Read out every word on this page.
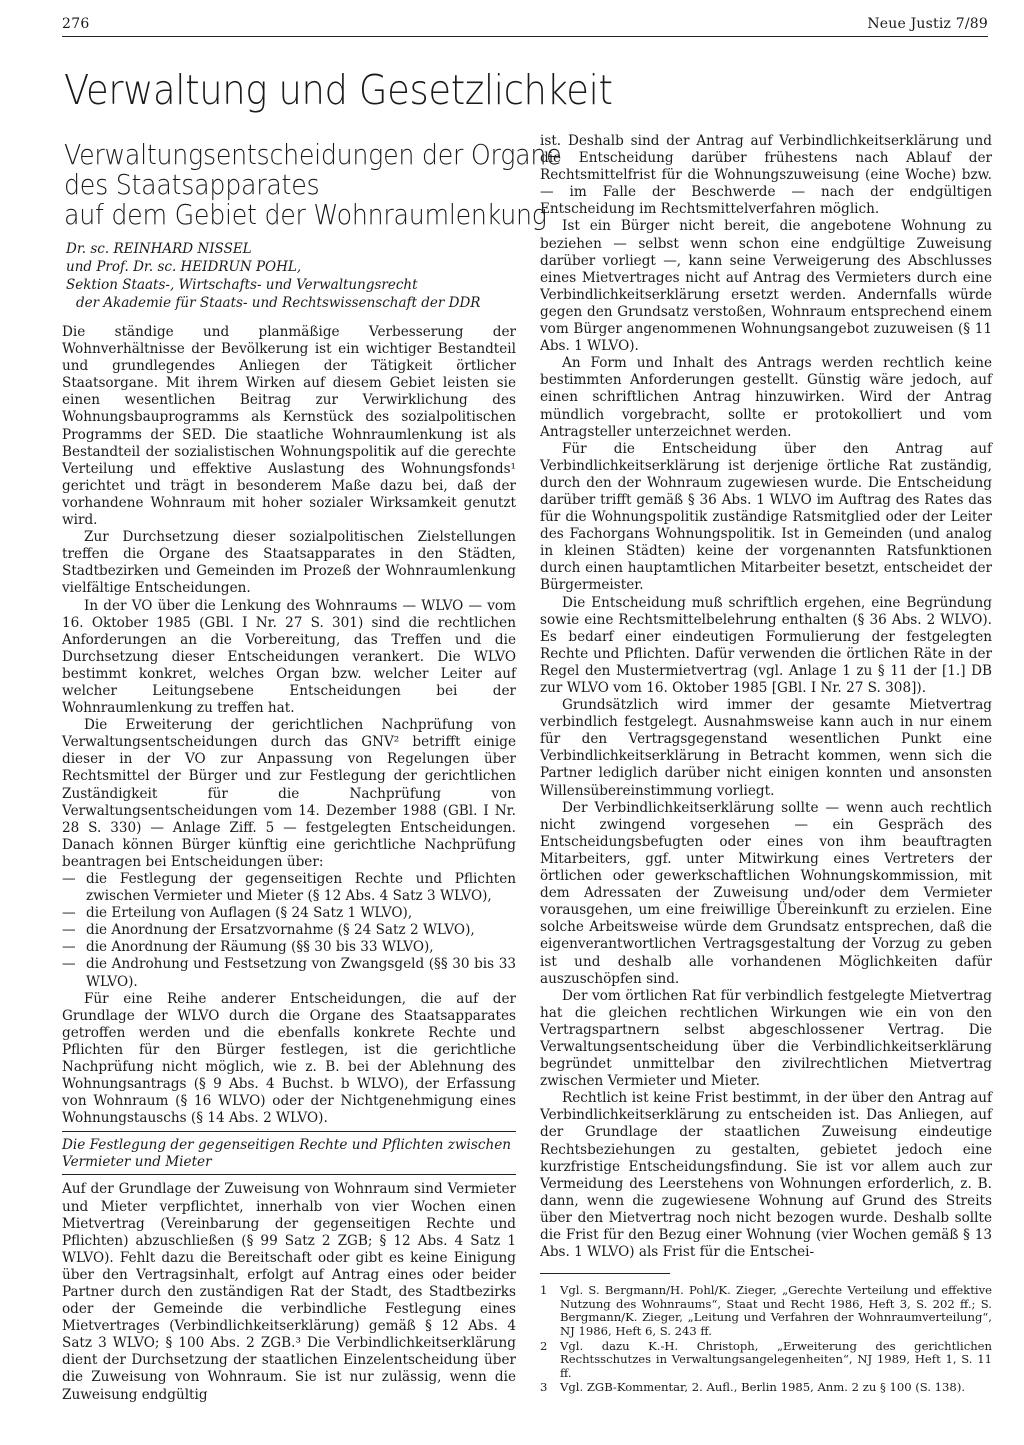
276	Neue Justiz 7/89
Verwaltung und Gesetzlichkeit
Verwaltungsentscheidungen der Organe
des Staatsapparates
auf dem Gebiet der Wohnraumlenkung
Dr. sc. REINHARD NISSEL
und Prof. Dr. sc. HEIDRUN POHL,
Sektion Staats-, Wirtschafts- und Verwaltungsrecht
der Akademie für Staats- und Rechtswissenschaft der DDR

Die ständige und planmäßige Verbesserung der Wohnverhältnisse der Bevölkerung ist ein wichtiger Bestandteil und grundlegendes Anliegen der Tätigkeit örtlicher Staatsorgane. Mit ihrem Wirken auf diesem Gebiet leisten sie einen wesentlichen Beitrag zur Verwirklichung des Wohnungsbauprogramms als Kernstück des sozialpolitischen Programms der SED. Die staatliche Wohnraumlenkung ist als Bestandteil der sozialistischen Wohnungspolitik auf die gerechte Verteilung und effektive Auslastung des Wohnungsfonds¹ gerichtet und trägt in besonderem Maße dazu bei, daß der vorhandene Wohnraum mit hoher sozialer Wirksamkeit genutzt wird.

Zur Durchsetzung dieser sozialpolitischen Zielstellungen treffen die Organe des Staatsapparates in den Städten, Stadtbezirken und Gemeinden im Prozeß der Wohnraumlenkung vielfältige Entscheidungen.

In der VO über die Lenkung des Wohnraums — WLVO — vom 16. Oktober 1985 (GBl. I Nr. 27 S. 301) sind die rechtlichen Anforderungen an die Vorbereitung, das Treffen und die Durchsetzung dieser Entscheidungen verankert. Die WLVO bestimmt konkret, welches Organ bzw. welcher Leiter auf welcher Leitungsebene Entscheidungen bei der Wohnraumlenkung zu treffen hat.

Die Erweiterung der gerichtlichen Nachprüfung von Verwaltungsentscheidungen durch das GNV² betrifft einige dieser in der VO zur Anpassung von Regelungen über Rechtsmittel der Bürger und zur Festlegung der gerichtlichen Zuständigkeit für die Nachprüfung von Verwaltungsentscheidungen vom 14. Dezember 1988 (GBl. I Nr. 28 S. 330) — Anlage Ziff. 5 — festgelegten Entscheidungen. Danach können Bürger künftig eine gerichtliche Nachprüfung beantragen bei Entscheidungen über:

— die Festlegung der gegenseitigen Rechte und Pflichten zwischen Vermieter und Mieter (§ 12 Abs. 4 Satz 3 WLVO),
— die Erteilung von Auflagen (§ 24 Satz 1 WLVO),
— die Anordnung der Ersatzvornahme (§ 24 Satz 2 WLVO),
— die Anordnung der Räumung (§§ 30 bis 33 WLVO),
— die Androhung und Festsetzung von Zwangsgeld (§§ 30 bis 33 WLVO).

Für eine Reihe anderer Entscheidungen, die auf der Grundlage der WLVO durch die Organe des Staatsapparates getroffen werden und die ebenfalls konkrete Rechte und Pflichten für den Bürger festlegen, ist die gerichtliche Nachprüfung nicht möglich, wie z. B. bei der Ablehnung des Wohnungsantrags (§ 9 Abs. 4 Buchst. b WLVO), der Erfassung von Wohnraum (§ 16 WLVO) oder der Nichtgenehmigung eines Wohnungstauschs (§ 14 Abs. 2 WLVO).

Die Festlegung der gegenseitigen Rechte und Pflichten zwischen Vermieter und Mieter

Auf der Grundlage der Zuweisung von Wohnraum sind Vermieter und Mieter verpflichtet, innerhalb von vier Wochen einen Mietvertrag (Vereinbarung der gegenseitigen Rechte und Pflichten) abzuschließen (§ 99 Satz 2 ZGB; § 12 Abs. 4 Satz 1 WLVO). Fehlt dazu die Bereitschaft oder gibt es keine Einigung über den Vertragsinhalt, erfolgt auf Antrag eines oder beider Partner durch den zuständigen Rat der Stadt, des Stadtbezirks oder der Gemeinde die verbindliche Festlegung eines Mietvertrages (Verbindlichkeitserklärung) gemäß § 12 Abs. 4 Satz 3 WLVO; § 100 Abs. 2 ZGB.³ Die Verbindlichkeitserklärung dient der Durchsetzung der staatlichen Einzelentscheidung über die Zuweisung von Wohnraum. Sie ist nur zulässig, wenn die Zuweisung endgültig

ist. Deshalb sind der Antrag auf Verbindlichkeitserklärung und die Entscheidung darüber frühestens nach Ablauf der Rechtsmittelfrist für die Wohnungszuweisung (eine Woche) bzw. — im Falle der Beschwerde — nach der endgültigen Entscheidung im Rechtsmittelverfahren möglich.

Ist ein Bürger nicht bereit, die angebotene Wohnung zu beziehen — selbst wenn schon eine endgültige Zuweisung darüber vorliegt —, kann seine Verweigerung des Abschlusses eines Mietvertrages nicht auf Antrag des Vermieters durch eine Verbindlichkeitserklärung ersetzt werden. Andernfalls würde gegen den Grundsatz verstoßen, Wohnraum entsprechend einem vom Bürger angenommenen Wohnungsangebot zuzuweisen (§ 11 Abs. 1 WLVO).

An Form und Inhalt des Antrags werden rechtlich keine bestimmten Anforderungen gestellt. Günstig wäre jedoch, auf einen schriftlichen Antrag hinzuwirken. Wird der Antrag mündlich vorgebracht, sollte er protokolliert und vom Antragsteller unterzeichnet werden.

Für die Entscheidung über den Antrag auf Verbindlichkeitserklärung ist derjenige örtliche Rat zuständig, durch den der Wohnraum zugewiesen wurde. Die Entscheidung darüber trifft gemäß § 36 Abs. 1 WLVO im Auftrag des Rates das für die Wohnungspolitik zuständige Ratsmitglied oder der Leiter des Fachorgans Wohnungspolitik. Ist in Gemeinden (und analog in kleinen Städten) keine der vorgenannten Ratsfunktionen durch einen hauptamtlichen Mitarbeiter besetzt, entscheidet der Bürgermeister.

Die Entscheidung muß schriftlich ergehen, eine Begründung sowie eine Rechtsmittelbelehrung enthalten (§ 36 Abs. 2 WLVO). Es bedarf einer eindeutigen Formulierung der festgelegten Rechte und Pflichten. Dafür verwenden die örtlichen Räte in der Regel den Mustermietvertrag (vgl. Anlage 1 zu § 11 der [1.] DB zur WLVO vom 16. Oktober 1985 [GBl. I Nr. 27 S. 308]).

Grundsätzlich wird immer der gesamte Mietvertrag verbindlich festgelegt. Ausnahmsweise kann auch in nur einem für den Vertragsgegenstand wesentlichen Punkt eine Verbindlichkeitserklärung in Betracht kommen, wenn sich die Partner lediglich darüber nicht einigen konnten und ansonsten Willensübereinstimmung vorliegt.

Der Verbindlichkeitserklärung sollte — wenn auch rechtlich nicht zwingend vorgesehen — ein Gespräch des Entscheidungsbefugten oder eines von ihm beauftragten Mitarbeiters, ggf. unter Mitwirkung eines Vertreters der örtlichen oder gewerkschaftlichen Wohnungskommission, mit dem Adressaten der Zuweisung und/oder dem Vermieter vorausgehen, um eine freiwillige Übereinkunft zu erzielen. Eine solche Arbeitsweise würde dem Grundsatz entsprechen, daß die eigenverantwortlichen Vertragsgestaltung der Vorzug zu geben ist und deshalb alle vorhandenen Möglichkeiten dafür auszuschöpfen sind.

Der vom örtlichen Rat für verbindlich festgelegte Mietvertrag hat die gleichen rechtlichen Wirkungen wie ein von den Vertragspartnern selbst abgeschlossener Vertrag. Die Verwaltungsentscheidung über die Verbindlichkeitserklärung begründet unmittelbar den zivilrechtlichen Mietvertrag zwischen Vermieter und Mieter.

Rechtlich ist keine Frist bestimmt, in der über den Antrag auf Verbindlichkeitserklärung zu entscheiden ist. Das Anliegen, auf der Grundlage der staatlichen Zuweisung eindeutige Rechtsbeziehungen zu gestalten, gebietet jedoch eine kurzfristige Entscheidungsfindung. Sie ist vor allem auch zur Vermeidung des Leerstehens von Wohnungen erforderlich, z. B. dann, wenn die zugewiesene Wohnung auf Grund des Streits über den Mietvertrag noch nicht bezogen wurde. Deshalb sollte die Frist für den Bezug einer Wohnung (vier Wochen gemäß § 13 Abs. 1 WLVO) als Frist für die Entschei-

1	Vgl. S. Bergmann/H. Pohl/K. Zieger, „Gerechte Verteilung und effektive Nutzung des Wohnraums“, Staat und Recht 1986, Heft 3, S. 202 ff.; S. Bergmann/K. Zieger, „Leitung und Verfahren der Wohnraumverteilung“, NJ 1986, Heft 6, S. 243 ff.
2	Vgl. dazu K.-H. Christoph, „Erweiterung des gerichtlichen Rechtsschutzes in Verwaltungsangelegenheiten“, NJ 1989, Heft 1, S. 11 ff.
3	Vgl. ZGB-Kommentar, 2. Aufl., Berlin 1985, Anm. 2 zu § 100 (S. 138).
